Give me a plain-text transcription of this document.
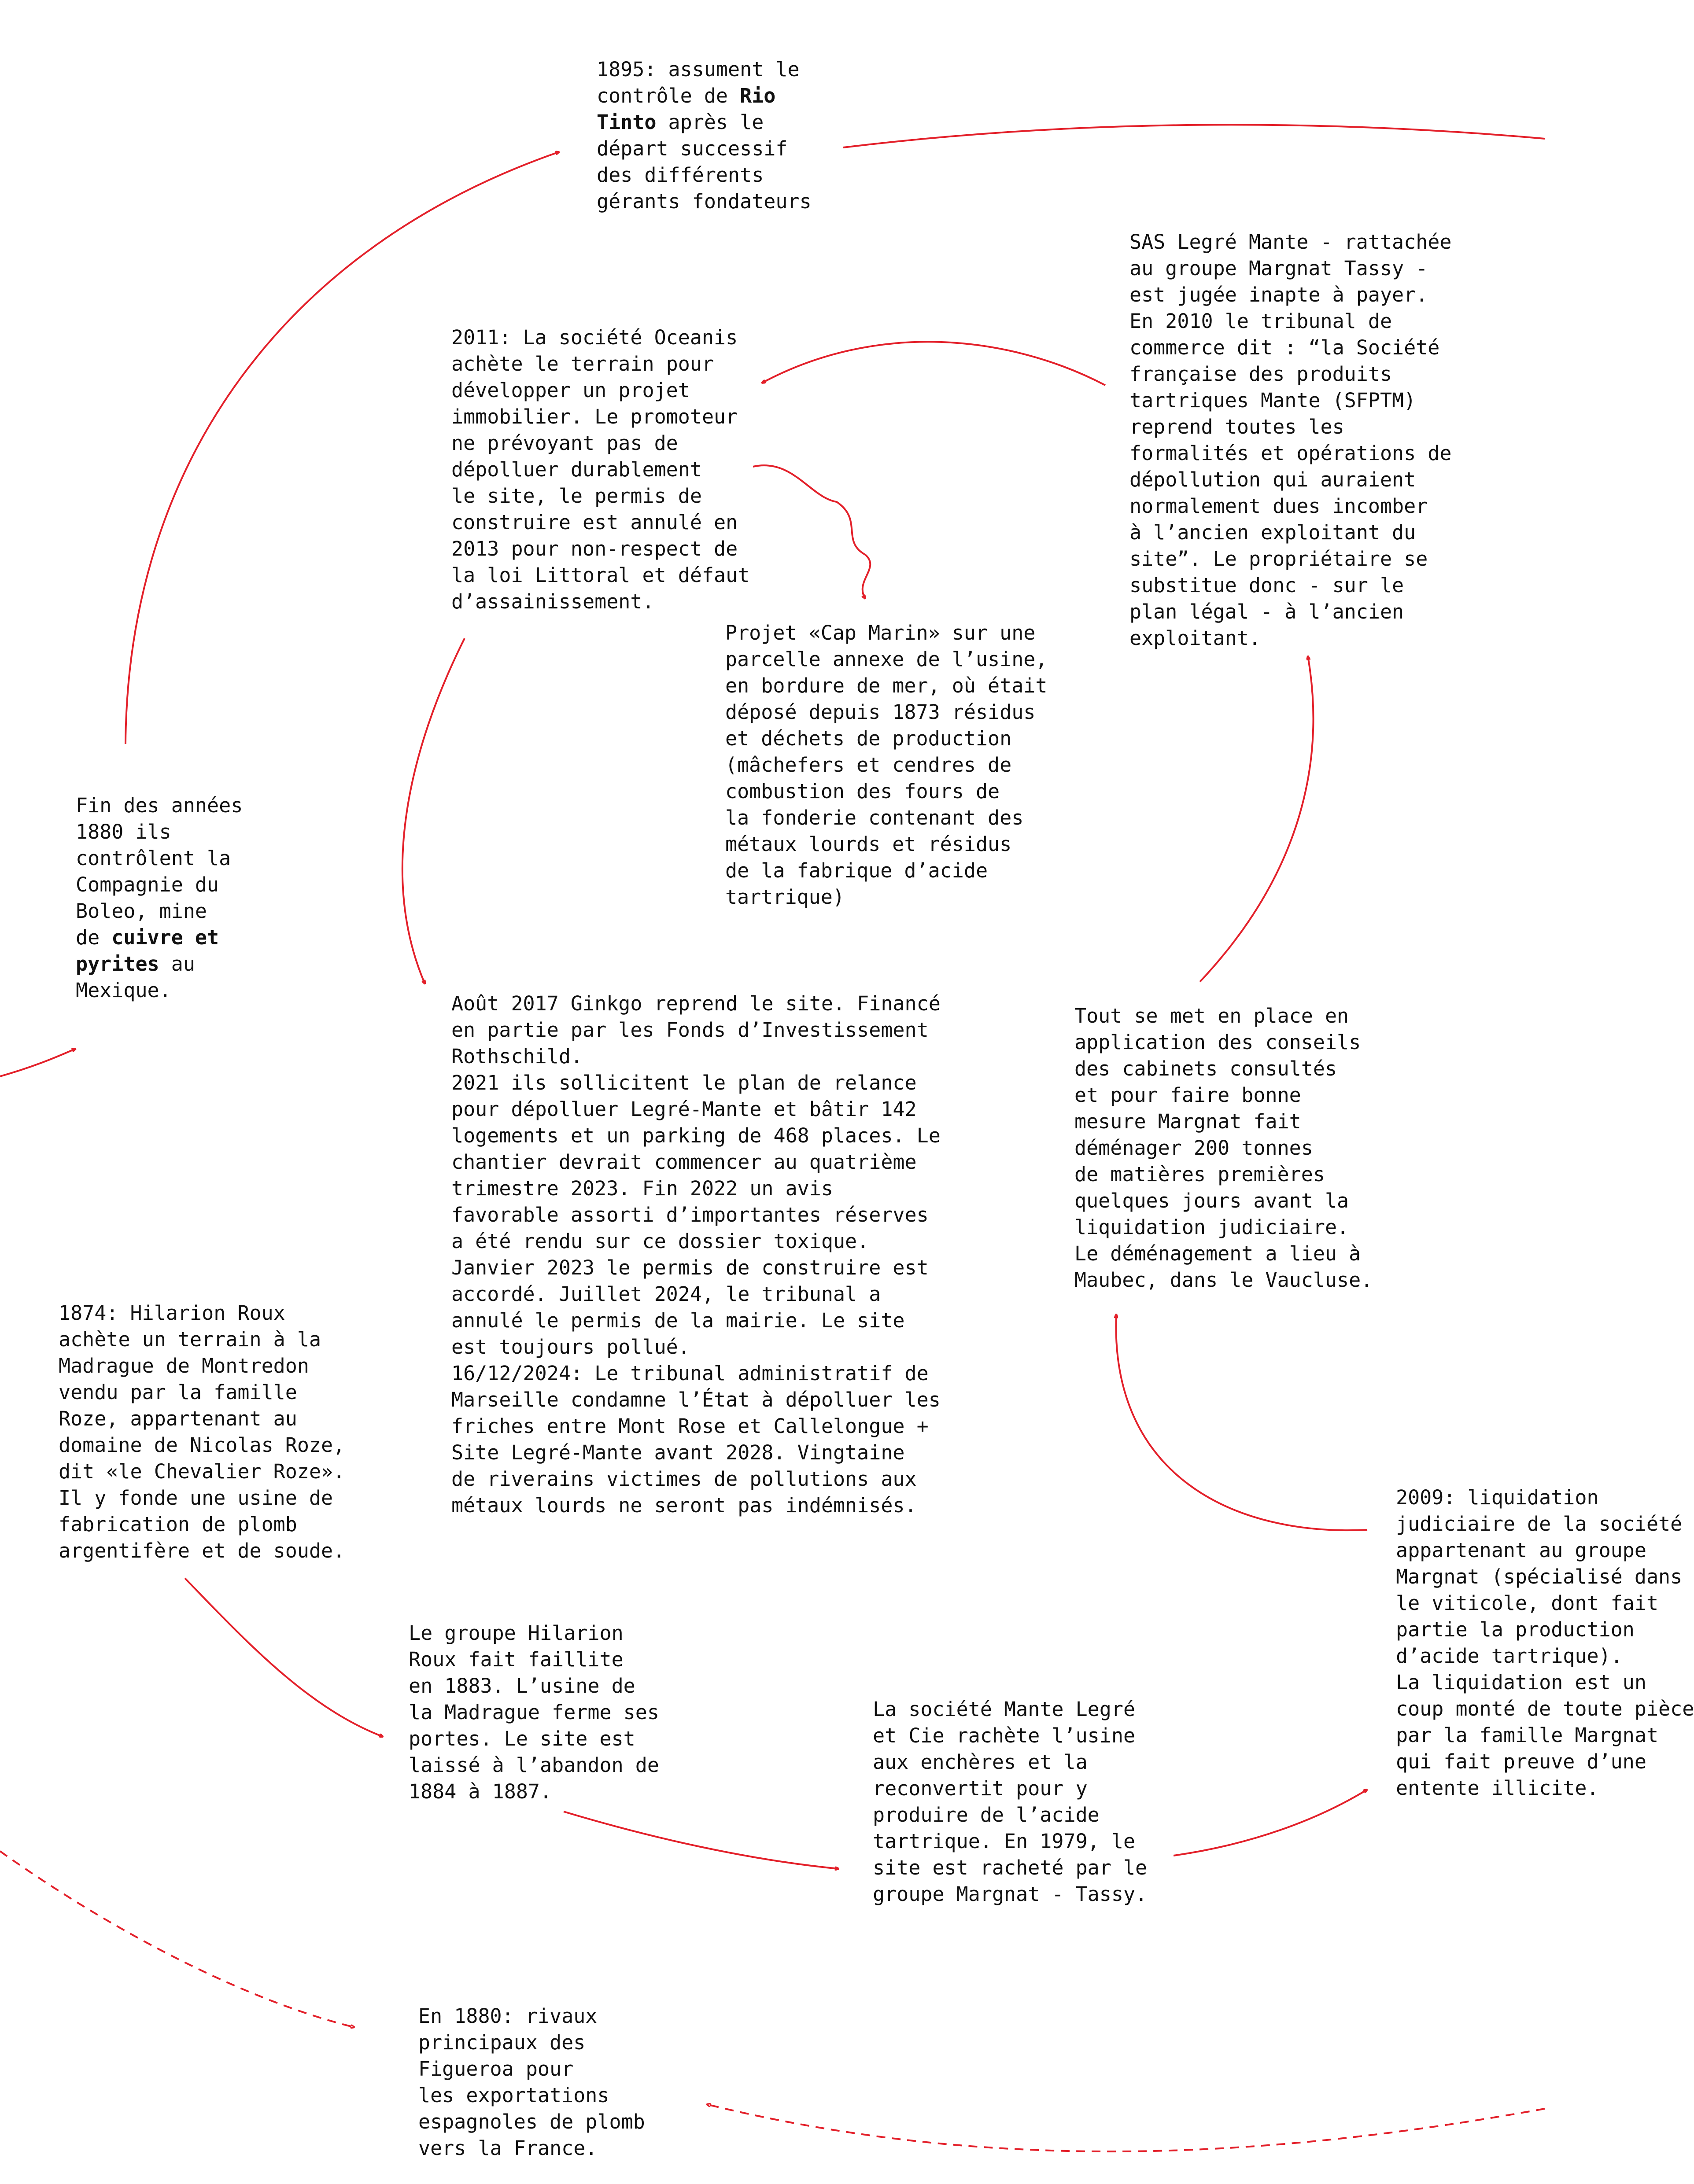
1895: assument le
contrôle de Rio
Tinto après le
départ successif
des différents
gérants fondateurs

SAS Legré Mante - rattachée
au groupe Margnat Tassy -
est jugée inapte à payer.
En 2010 le tribunal de
commerce dit : “la Société
française des produits
tartriques Mante (SFPTM)
reprend toutes les
formalités et opérations de
dépollution qui auraient
normalement dues incomber
à l’ancien exploitant du
site”. Le propriétaire se
substitue donc - sur le
plan légal - à l’ancien
exploitant.

2011: La société Oceanis
achète le terrain pour
développer un projet
immobilier. Le promoteur
ne prévoyant pas de
dépolluer durablement
le site, le permis de
construire est annulé en
2013 pour non-respect de
la loi Littoral et défaut
d’assainissement.

Projet «Cap Marin» sur une
parcelle annexe de l’usine,
en bordure de mer, où était
déposé depuis 1873 résidus
et déchets de production
(mâchefers et cendres de
combustion des fours de
la fonderie contenant des
métaux lourds et résidus
de la fabrique d’acide
tartrique)

Fin des années
1880 ils
contrôlent la
Compagnie du
Boleo, mine
de cuivre et
pyrites au
Mexique.

Août 2017 Ginkgo reprend le site. Financé
en partie par les Fonds d’Investissement
Rothschild.
2021 ils sollicitent le plan de relance
pour dépolluer Legré-Mante et bâtir 142
logements et un parking de 468 places. Le
chantier devrait commencer au quatrième
trimestre 2023. Fin 2022 un avis
favorable assorti d’importantes réserves
a été rendu sur ce dossier toxique.
Janvier 2023 le permis de construire est
accordé. Juillet 2024, le tribunal a
annulé le permis de la mairie. Le site
est toujours pollué.
16/12/2024: Le tribunal administratif de
Marseille condamne l’État à dépolluer les
friches entre Mont Rose et Callelongue +
Site Legré-Mante avant 2028. Vingtaine
de riverains victimes de pollutions aux
métaux lourds ne seront pas indémnisés.

Tout se met en place en
application des conseils
des cabinets consultés
et pour faire bonne
mesure Margnat fait
déménager 200 tonnes
de matières premières
quelques jours avant la
liquidation judiciaire.
Le déménagement a lieu à
Maubec, dans le Vaucluse.

1874: Hilarion Roux
achète un terrain à la
Madrague de Montredon
vendu par la famille
Roze, appartenant au
domaine de Nicolas Roze,
dit «le Chevalier Roze».
Il y fonde une usine de
fabrication de plomb
argentifère et de soude.

2009: liquidation
judiciaire de la société
appartenant au groupe
Margnat (spécialisé dans
le viticole, dont fait
partie la production
d’acide tartrique).
La liquidation est un
coup monté de toute pièce
par la famille Margnat
qui fait preuve d’une
entente illicite.

Le groupe Hilarion
Roux fait faillite
en 1883. L’usine de
la Madrague ferme ses
portes. Le site est
laissé à l’abandon de
1884 à 1887.

La société Mante Legré
et Cie rachète l’usine
aux enchères et la
reconvertit pour y
produire de l’acide
tartrique. En 1979, le
site est racheté par le
groupe Margnat - Tassy.

En 1880: rivaux
principaux des
Figueroa pour
les exportations
espagnoles de plomb
vers la France.
